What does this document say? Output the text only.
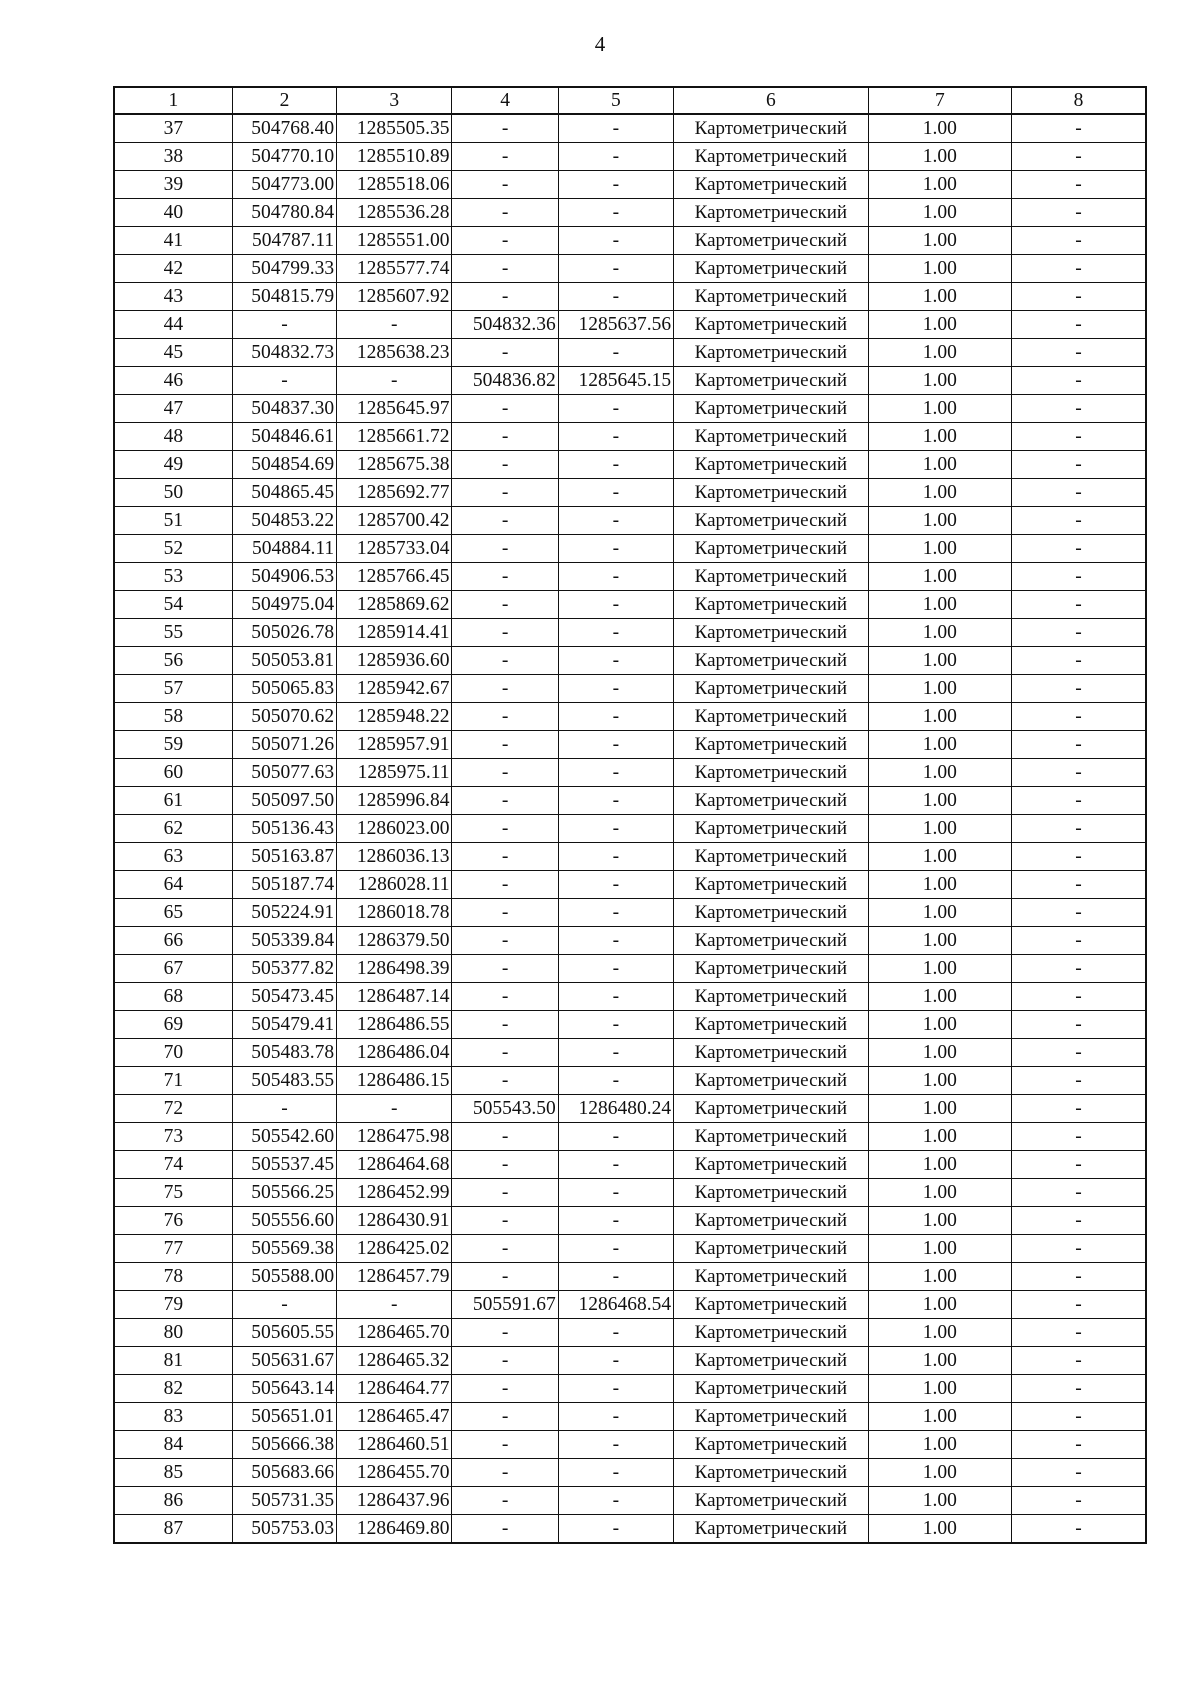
4
1	2	3	4	5	6	7	8
37	504768.40	1285505.35	-	-	Картометрический	1.00	-
38	504770.10	1285510.89	-	-	Картометрический	1.00	-
39	504773.00	1285518.06	-	-	Картометрический	1.00	-
40	504780.84	1285536.28	-	-	Картометрический	1.00	-
41	504787.11	1285551.00	-	-	Картометрический	1.00	-
42	504799.33	1285577.74	-	-	Картометрический	1.00	-
43	504815.79	1285607.92	-	-	Картометрический	1.00	-
44	-	-	504832.36	1285637.56	Картометрический	1.00	-
45	504832.73	1285638.23	-	-	Картометрический	1.00	-
46	-	-	504836.82	1285645.15	Картометрический	1.00	-
47	504837.30	1285645.97	-	-	Картометрический	1.00	-
48	504846.61	1285661.72	-	-	Картометрический	1.00	-
49	504854.69	1285675.38	-	-	Картометрический	1.00	-
50	504865.45	1285692.77	-	-	Картометрический	1.00	-
51	504853.22	1285700.42	-	-	Картометрический	1.00	-
52	504884.11	1285733.04	-	-	Картометрический	1.00	-
53	504906.53	1285766.45	-	-	Картометрический	1.00	-
54	504975.04	1285869.62	-	-	Картометрический	1.00	-
55	505026.78	1285914.41	-	-	Картометрический	1.00	-
56	505053.81	1285936.60	-	-	Картометрический	1.00	-
57	505065.83	1285942.67	-	-	Картометрический	1.00	-
58	505070.62	1285948.22	-	-	Картометрический	1.00	-
59	505071.26	1285957.91	-	-	Картометрический	1.00	-
60	505077.63	1285975.11	-	-	Картометрический	1.00	-
61	505097.50	1285996.84	-	-	Картометрический	1.00	-
62	505136.43	1286023.00	-	-	Картометрический	1.00	-
63	505163.87	1286036.13	-	-	Картометрический	1.00	-
64	505187.74	1286028.11	-	-	Картометрический	1.00	-
65	505224.91	1286018.78	-	-	Картометрический	1.00	-
66	505339.84	1286379.50	-	-	Картометрический	1.00	-
67	505377.82	1286498.39	-	-	Картометрический	1.00	-
68	505473.45	1286487.14	-	-	Картометрический	1.00	-
69	505479.41	1286486.55	-	-	Картометрический	1.00	-
70	505483.78	1286486.04	-	-	Картометрический	1.00	-
71	505483.55	1286486.15	-	-	Картометрический	1.00	-
72	-	-	505543.50	1286480.24	Картометрический	1.00	-
73	505542.60	1286475.98	-	-	Картометрический	1.00	-
74	505537.45	1286464.68	-	-	Картометрический	1.00	-
75	505566.25	1286452.99	-	-	Картометрический	1.00	-
76	505556.60	1286430.91	-	-	Картометрический	1.00	-
77	505569.38	1286425.02	-	-	Картометрический	1.00	-
78	505588.00	1286457.79	-	-	Картометрический	1.00	-
79	-	-	505591.67	1286468.54	Картометрический	1.00	-
80	505605.55	1286465.70	-	-	Картометрический	1.00	-
81	505631.67	1286465.32	-	-	Картометрический	1.00	-
82	505643.14	1286464.77	-	-	Картометрический	1.00	-
83	505651.01	1286465.47	-	-	Картометрический	1.00	-
84	505666.38	1286460.51	-	-	Картометрический	1.00	-
85	505683.66	1286455.70	-	-	Картометрический	1.00	-
86	505731.35	1286437.96	-	-	Картометрический	1.00	-
87	505753.03	1286469.80	-	-	Картометрический	1.00	-
